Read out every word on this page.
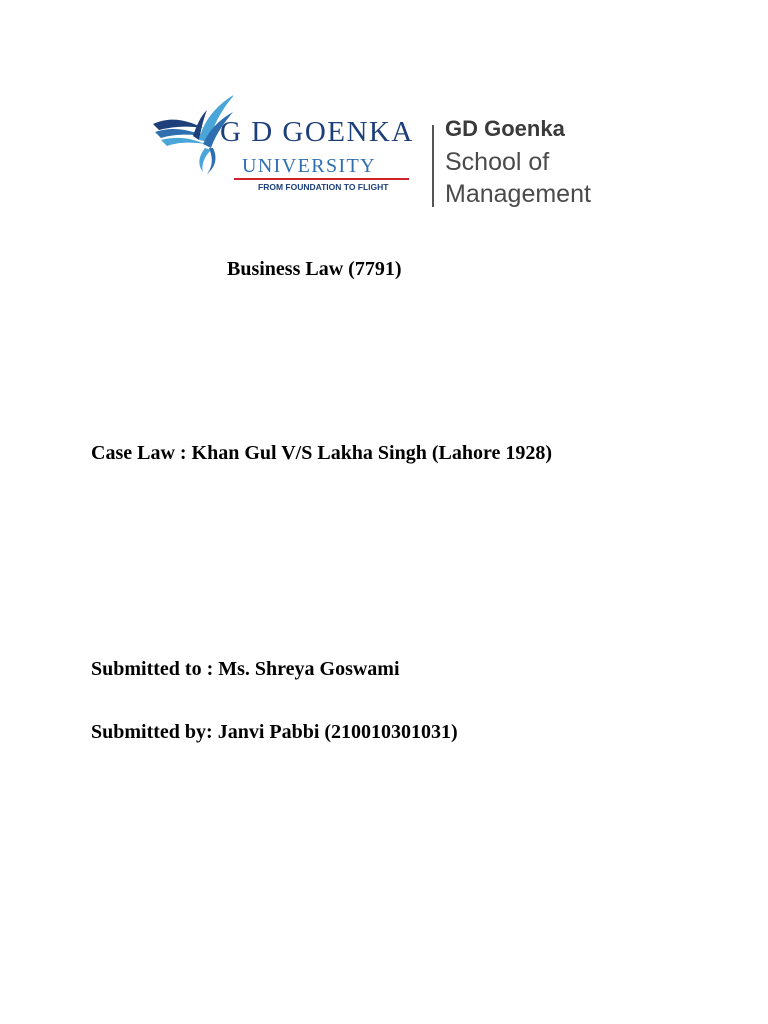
G D GOENKA
UNIVERSITY
FROM FOUNDATION TO FLIGHT
GD Goenka
School of
Management
Business Law (7791)
Case Law : Khan Gul V/S Lakha Singh (Lahore 1928)
Submitted to : Ms. Shreya Goswami
Submitted by: Janvi Pabbi (210010301031)
